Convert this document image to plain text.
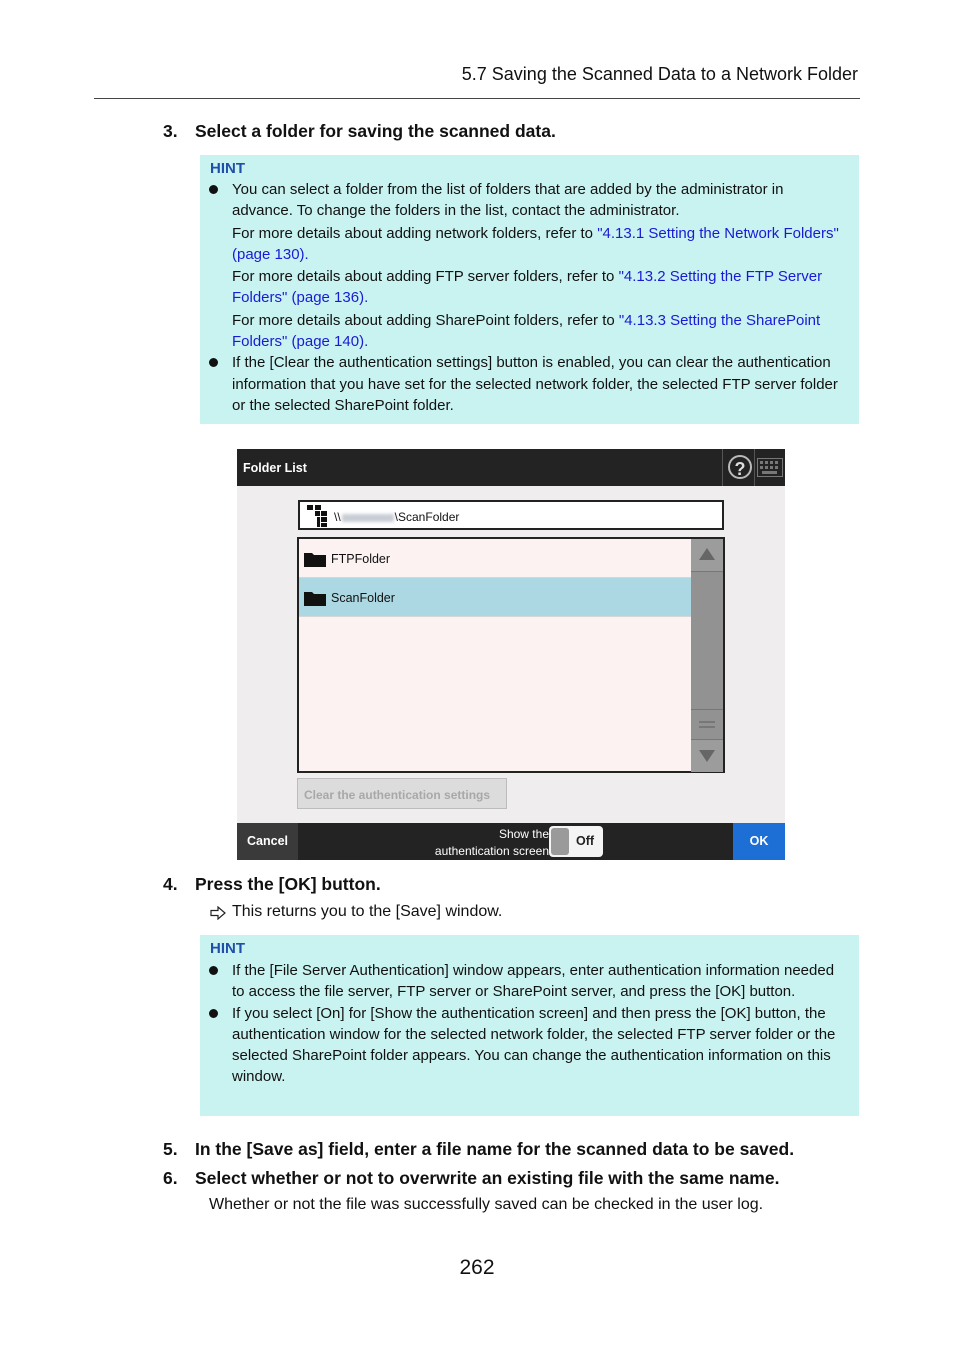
5.7 Saving the Scanned Data to a Network Folder
3. Select a folder for saving the scanned data.
HINT

You can select a folder from the list of folders that are added by the administrator in advance. To change the folders in the list, contact the administrator.

For more details about adding network folders, refer to "4.13.1 Setting the Network Folders" (page 130).

For more details about adding FTP server folders, refer to "4.13.2 Setting the FTP Server Folders" (page 136).

For more details about adding SharePoint folders, refer to "4.13.3 Setting the SharePoint Folders" (page 140).

If the [Clear the authentication settings] button is enabled, you can clear the authentication information that you have set for the selected network folder, the selected FTP server folder or the selected SharePoint folder.

Folder List	?
\\	\ScanFolder
FTPFolder
ScanFolder
Clear the authentication settings
Cancel	Show the
authentication screen
Off	OK
4. Press the [OK] button.
This returns you to the [Save] window.
HINT

If the [File Server Authentication] window appears, enter authentication information needed to access the file server, FTP server or SharePoint server, and press the [OK] button.

If you select [On] for [Show the authentication screen] and then press the [OK] button, the authentication window for the selected network folder, the selected FTP server folder or the selected SharePoint folder appears. You can change the authentication information on this window.

5. In the [Save as] field, enter a file name for the scanned data to be saved.
6. Select whether or not to overwrite an existing file with the same name.
Whether or not the file was successfully saved can be checked in the user log.
262
